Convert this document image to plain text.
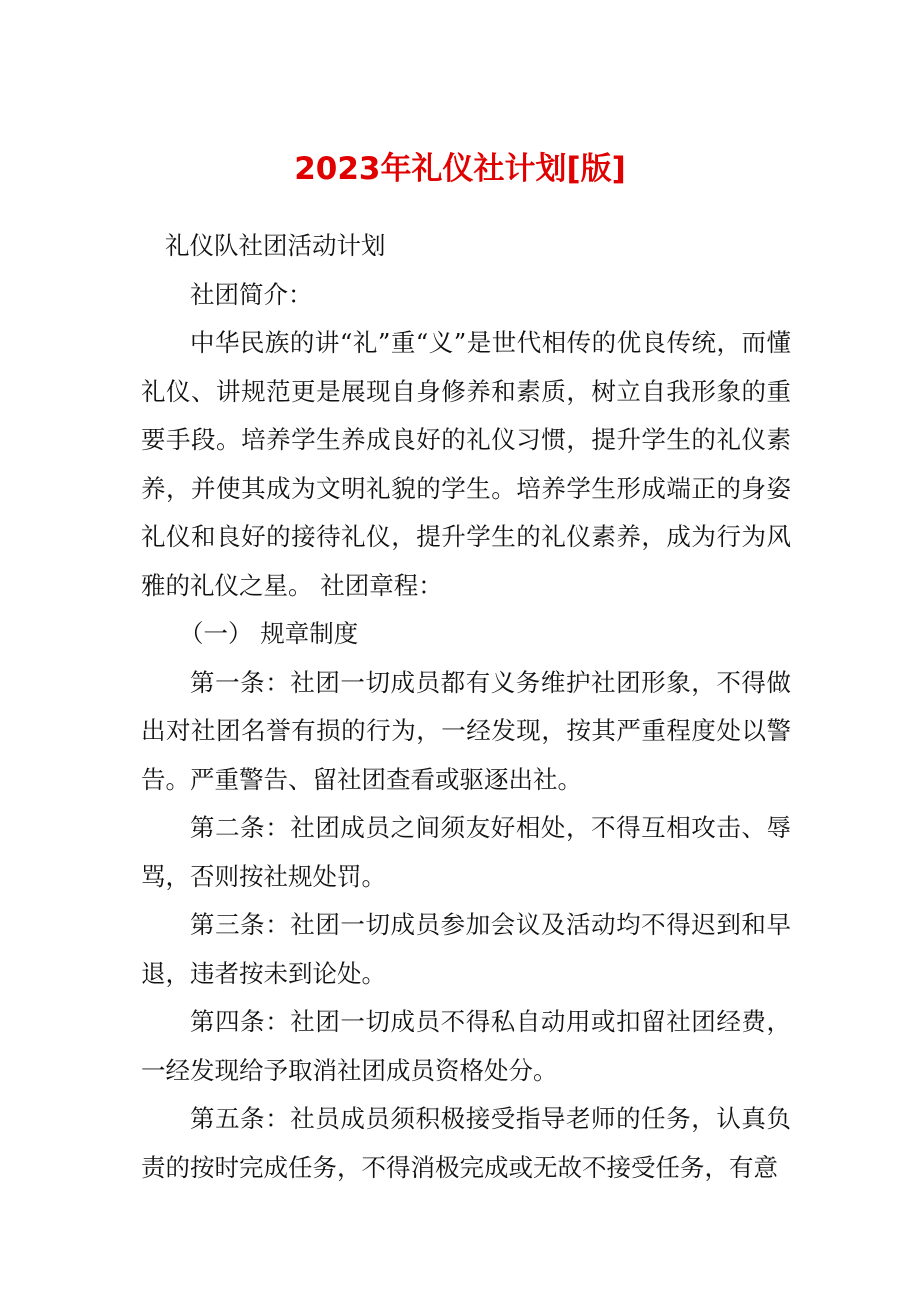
2023年礼仪社计划[版]

礼仪队社团活动计划

社团简介：

中华民族的讲“礼”重“义”是世代相传的优良传统，而懂礼仪、讲规范更是展现自身修养和素质，树立自我形象的重要手段。培养学生养成良好的礼仪习惯，提升学生的礼仪素养，并使其成为文明礼貌的学生。培养学生形成端正的身姿礼仪和良好的接待礼仪，提升学生的礼仪素养，成为行为风雅的礼仪之星。 社团章程：

（一） 规章制度

第一条：社团一切成员都有义务维护社团形象，不得做出对社团名誉有损的行为，一经发现，按其严重程度处以警告。严重警告、留社团查看或驱逐出社。

第二条：社团成员之间须友好相处，不得互相攻击、辱骂，否则按社规处罚。

第三条：社团一切成员参加会议及活动均不得迟到和早退，违者按未到论处。

第四条：社团一切成员不得私自动用或扣留社团经费，一经发现给予取消社团成员资格处分。

第五条：社员成员须积极接受指导老师的任务，认真负责的按时完成任务，不得消极完成或无故不接受任务，有意
